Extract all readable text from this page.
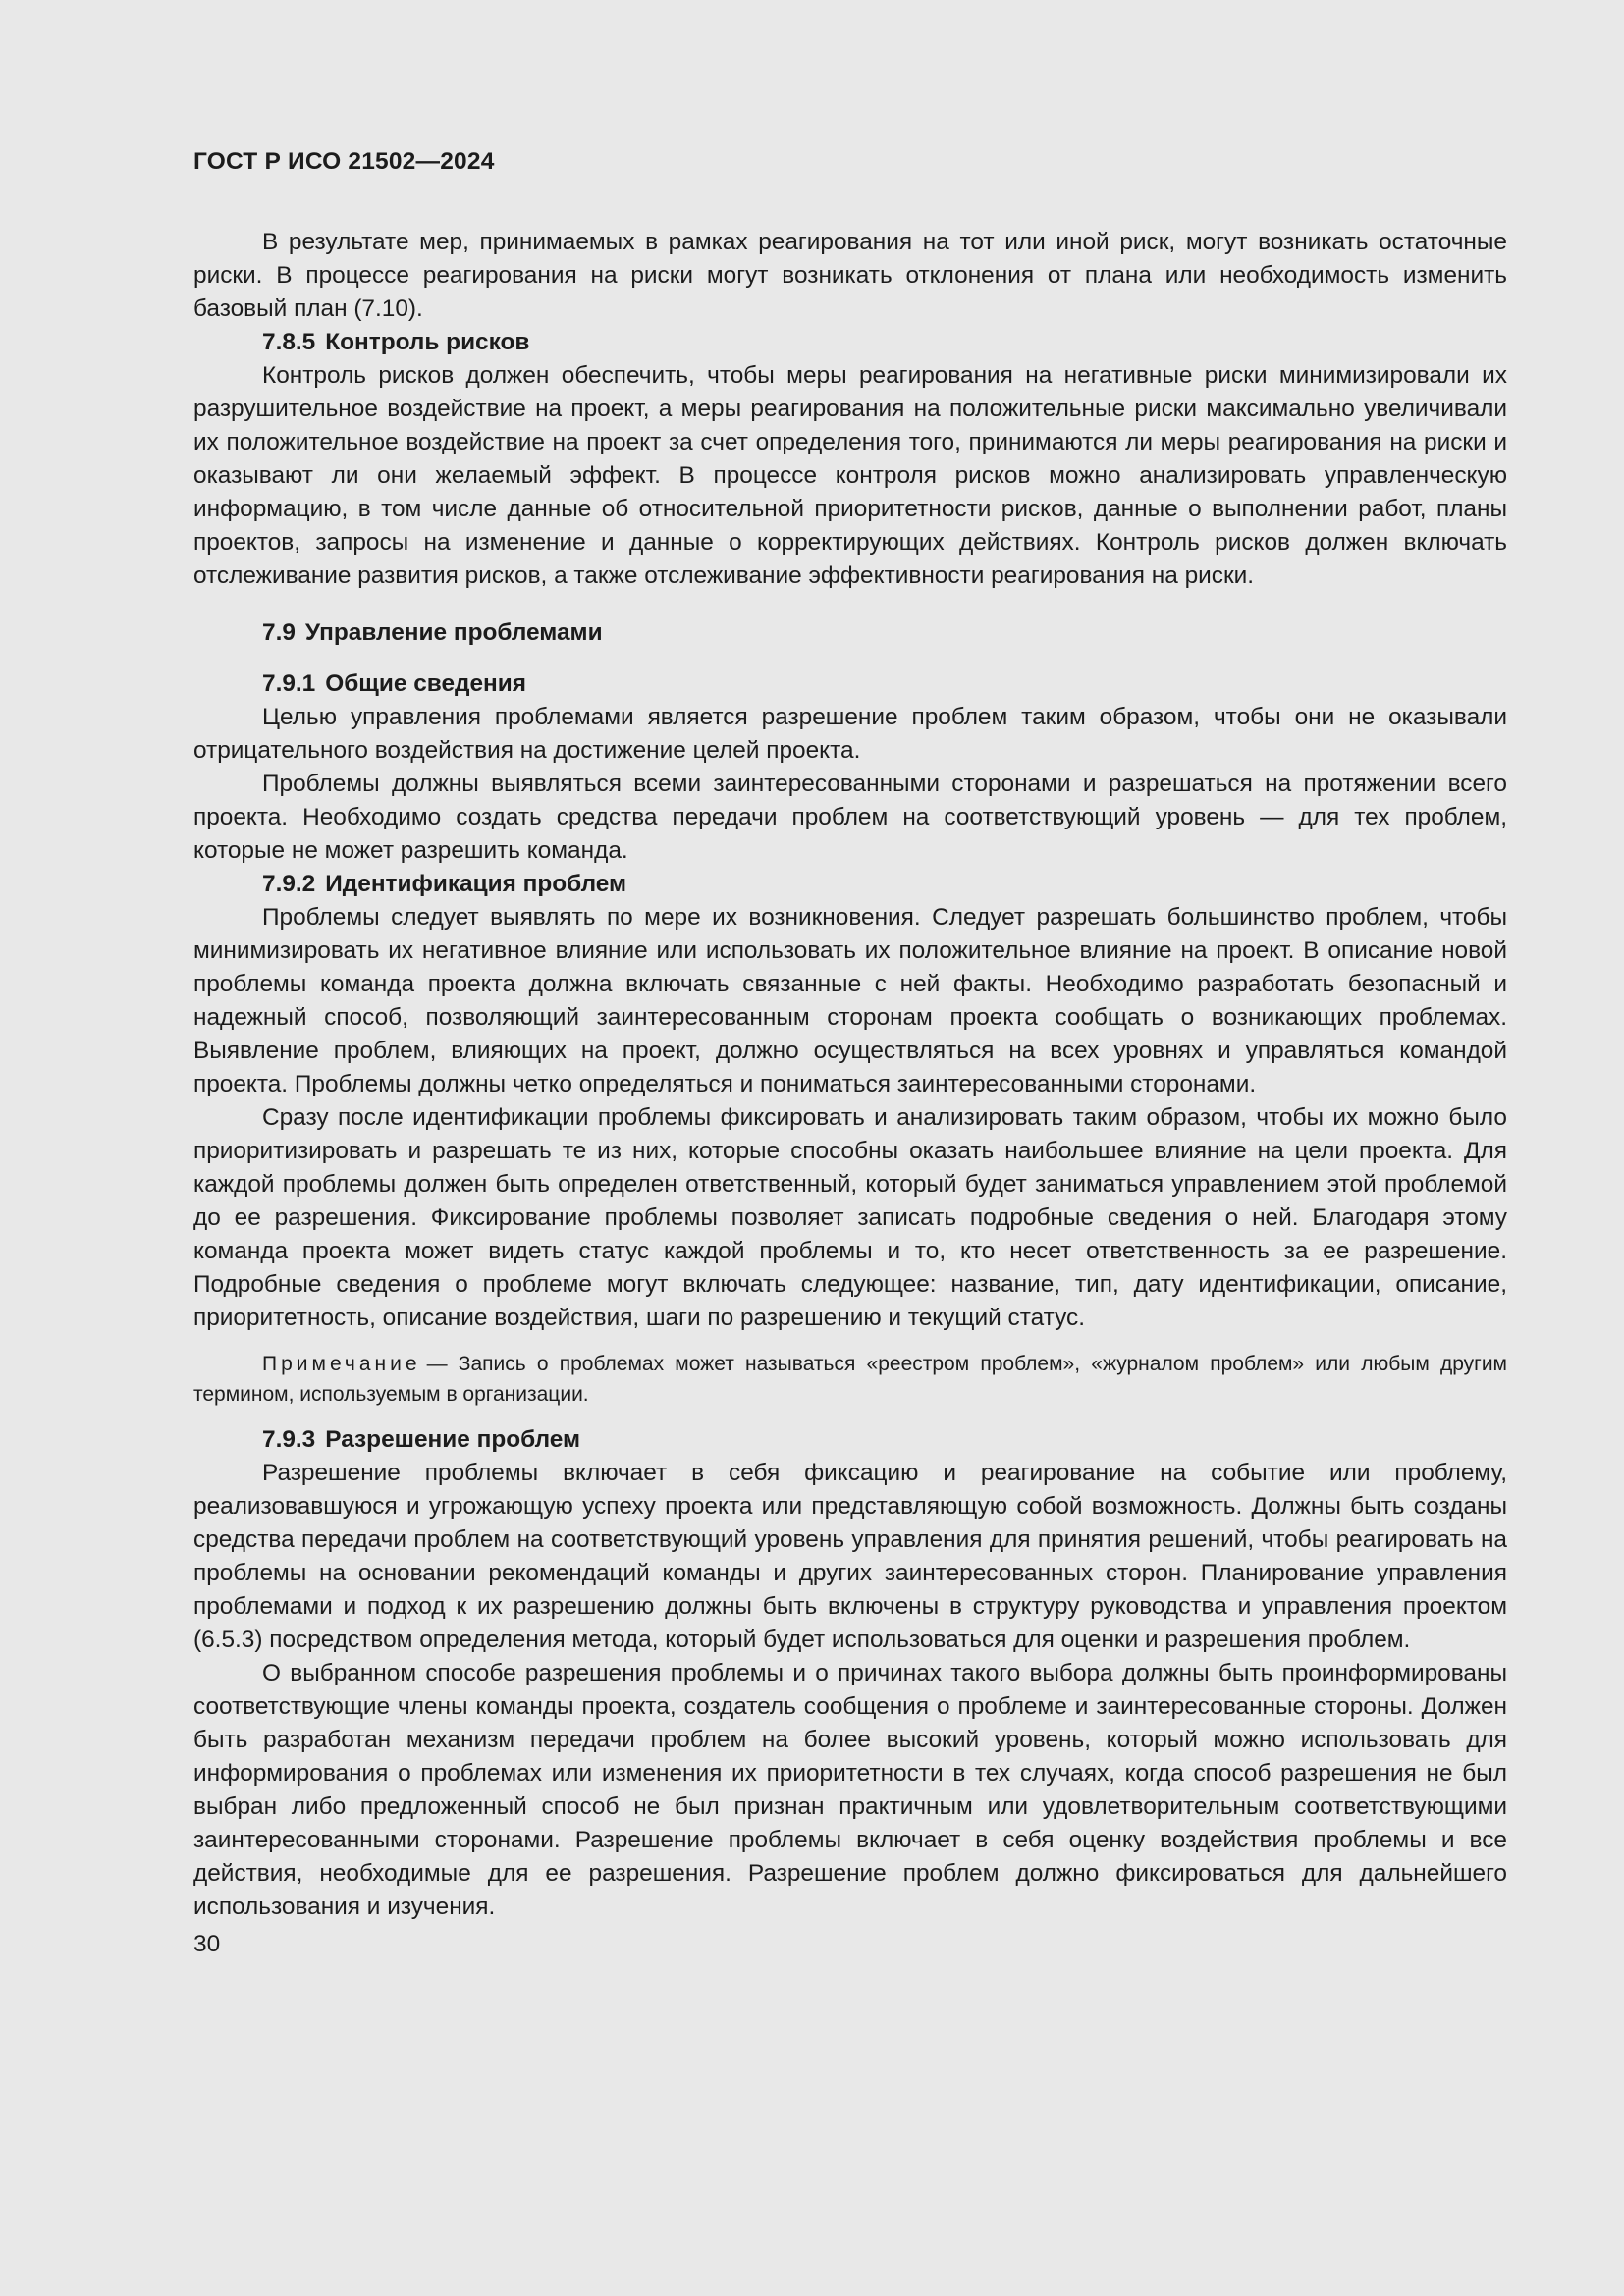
ГОСТ Р ИСО 21502—2024

В результате мер, принимаемых в рамках реагирования на тот или иной риск, могут возникать остаточные риски. В процессе реагирования на риски могут возникать отклонения от плана или необходимость изменить базовый план (7.10).

7.8.5 Контроль рисков

Контроль рисков должен обеспечить, чтобы меры реагирования на негативные риски минимизировали их разрушительное воздействие на проект, а меры реагирования на положительные риски максимально увеличивали их положительное воздействие на проект за счет определения того, принимаются ли меры реагирования на риски и оказывают ли они желаемый эффект. В процессе контроля рисков можно анализировать управленческую информацию, в том числе данные об относительной приоритетности рисков, данные о выполнении работ, планы проектов, запросы на изменение и данные о корректирующих действиях. Контроль рисков должен включать отслеживание развития рисков, а также отслеживание эффективности реагирования на риски.

7.9 Управление проблемами
7.9.1 Общие сведения

Целью управления проблемами является разрешение проблем таким образом, чтобы они не оказывали отрицательного воздействия на достижение целей проекта.

Проблемы должны выявляться всеми заинтересованными сторонами и разрешаться на протяжении всего проекта. Необходимо создать средства передачи проблем на соответствующий уровень — для тех проблем, которые не может разрешить команда.

7.9.2 Идентификация проблем

Проблемы следует выявлять по мере их возникновения. Следует разрешать большинство проблем, чтобы минимизировать их негативное влияние или использовать их положительное влияние на проект. В описание новой проблемы команда проекта должна включать связанные с ней факты. Необходимо разработать безопасный и надежный способ, позволяющий заинтересованным сторонам проекта сообщать о возникающих проблемах. Выявление проблем, влияющих на проект, должно осуществляться на всех уровнях и управляться командой проекта. Проблемы должны четко определяться и пониматься заинтересованными сторонами.

Сразу после идентификации проблемы фиксировать и анализировать таким образом, чтобы их можно было приоритизировать и разрешать те из них, которые способны оказать наибольшее влияние на цели проекта. Для каждой проблемы должен быть определен ответственный, который будет заниматься управлением этой проблемой до ее разрешения. Фиксирование проблемы позволяет записать подробные сведения о ней. Благодаря этому команда проекта может видеть статус каждой проблемы и то, кто несет ответственность за ее разрешение. Подробные сведения о проблеме могут включать следующее: название, тип, дату идентификации, описание, приоритетность, описание воздействия, шаги по разрешению и текущий статус.

Примечание — Запись о проблемах может называться «реестром проблем», «журналом проблем» или любым другим термином, используемым в организации.
7.9.3 Разрешение проблем

Разрешение проблемы включает в себя фиксацию и реагирование на событие или проблему, реализовавшуюся и угрожающую успеху проекта или представляющую собой возможность. Должны быть созданы средства передачи проблем на соответствующий уровень управления для принятия решений, чтобы реагировать на проблемы на основании рекомендаций команды и других заинтересованных сторон. Планирование управления проблемами и подход к их разрешению должны быть включены в структуру руководства и управления проектом (6.5.3) посредством определения метода, который будет использоваться для оценки и разрешения проблем.

О выбранном способе разрешения проблемы и о причинах такого выбора должны быть проинформированы соответствующие члены команды проекта, создатель сообщения о проблеме и заинтересованные стороны. Должен быть разработан механизм передачи проблем на более высокий уровень, который можно использовать для информирования о проблемах или изменения их приоритетности в тех случаях, когда способ разрешения не был выбран либо предложенный способ не был признан практичным или удовлетворительным соответствующими заинтересованными сторонами. Разрешение проблемы включает в себя оценку воздействия проблемы и все действия, необходимые для ее разрешения. Разрешение проблем должно фиксироваться для дальнейшего использования и изучения.

30
